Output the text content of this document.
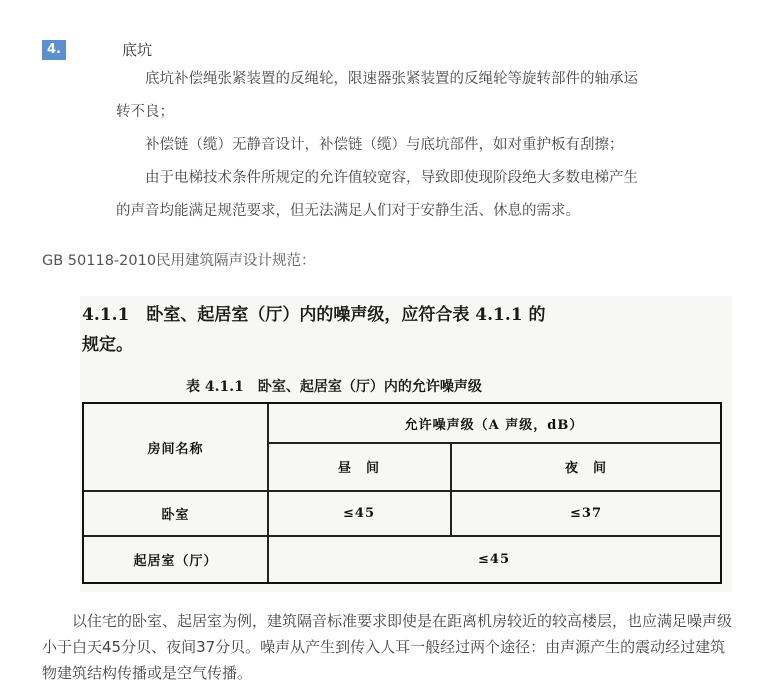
4.	底坑
底坑补偿绳张紧装置的反绳轮，限速器张紧装置的反绳轮等旋转部件的轴承运
转不良；
补偿链（缆）无静音设计，补偿链（缆）与底坑部件，如对重护板有刮擦；
由于电梯技术条件所规定的允许值较宽容，导致即使现阶段绝大多数电梯产生
的声音均能满足规范要求，但无法满足人们对于安静生活、休息的需求。
GB 50118-2010民用建筑隔声设计规范：
4.1.1　卧室、起居室（厅）内的噪声级，应符合表 4.1.1 的
规定。
表 4.1.1　卧室、起居室（厅）内的允许噪声级
房间名称
允许噪声级（A 声级，dB）
昼　间	夜　间
卧室	≤45	≤37
起居室（厅）	≤45
以住宅的卧室、起居室为例，建筑隔音标准要求即使是在距离机房较近的较高楼层，也应满足噪声级小于白天45分贝、夜间37分贝。噪声从产生到传入人耳一般经过两个途径：由声源产生的震动经过建筑物建筑结构传播或是空气传播。
